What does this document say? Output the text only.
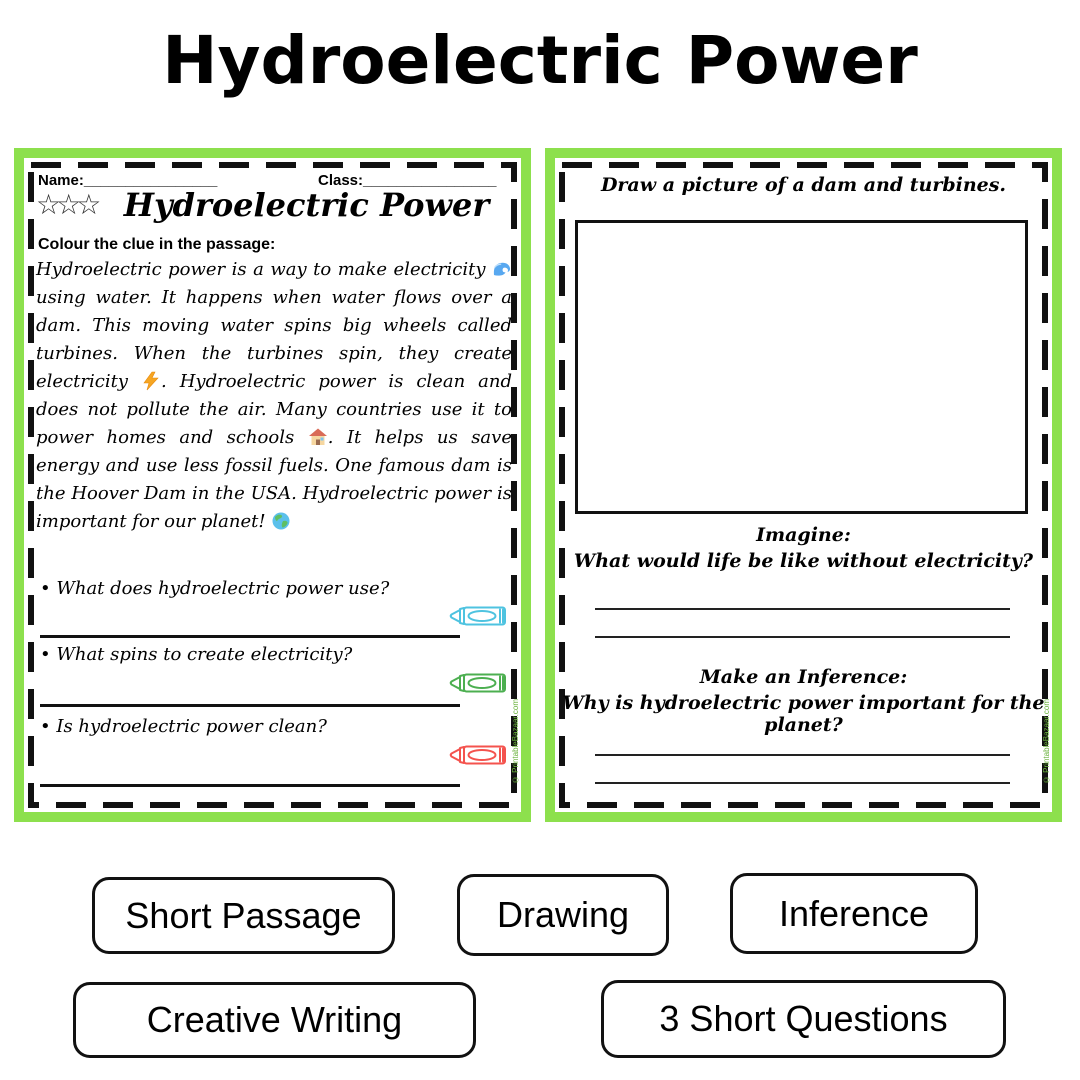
Hydroelectric Power
Name:________________	Class:________________
☆☆☆ Hydroelectric Power

Colour the clue in the passage:

Hydroelectric power is a way to make electricity  using water. It happens when water flows over a dam. This moving water spins big wheels called turbines. When the turbines spin, they create electricity . Hydroelectric power is clean and does not pollute the air. Many countries use it to power homes and schools . It helps us save energy and use less fossil fuels. One famous dam is the Hoover Dam in the USA. Hydroelectric power is important for our planet!

• What does hydroelectric power use?

• What spins to create electricity?

• Is hydroelectric power clean?	© PrintableBazaar.com

Draw a picture of a dam and turbines.

Imagine:

What would life be like without electricity?

Make an Inference:

Why is hydroelectric power important for the planet?	© PrintableBazaar.com
Short Passage	Drawing	Inference
Creative Writing	3 Short Questions
